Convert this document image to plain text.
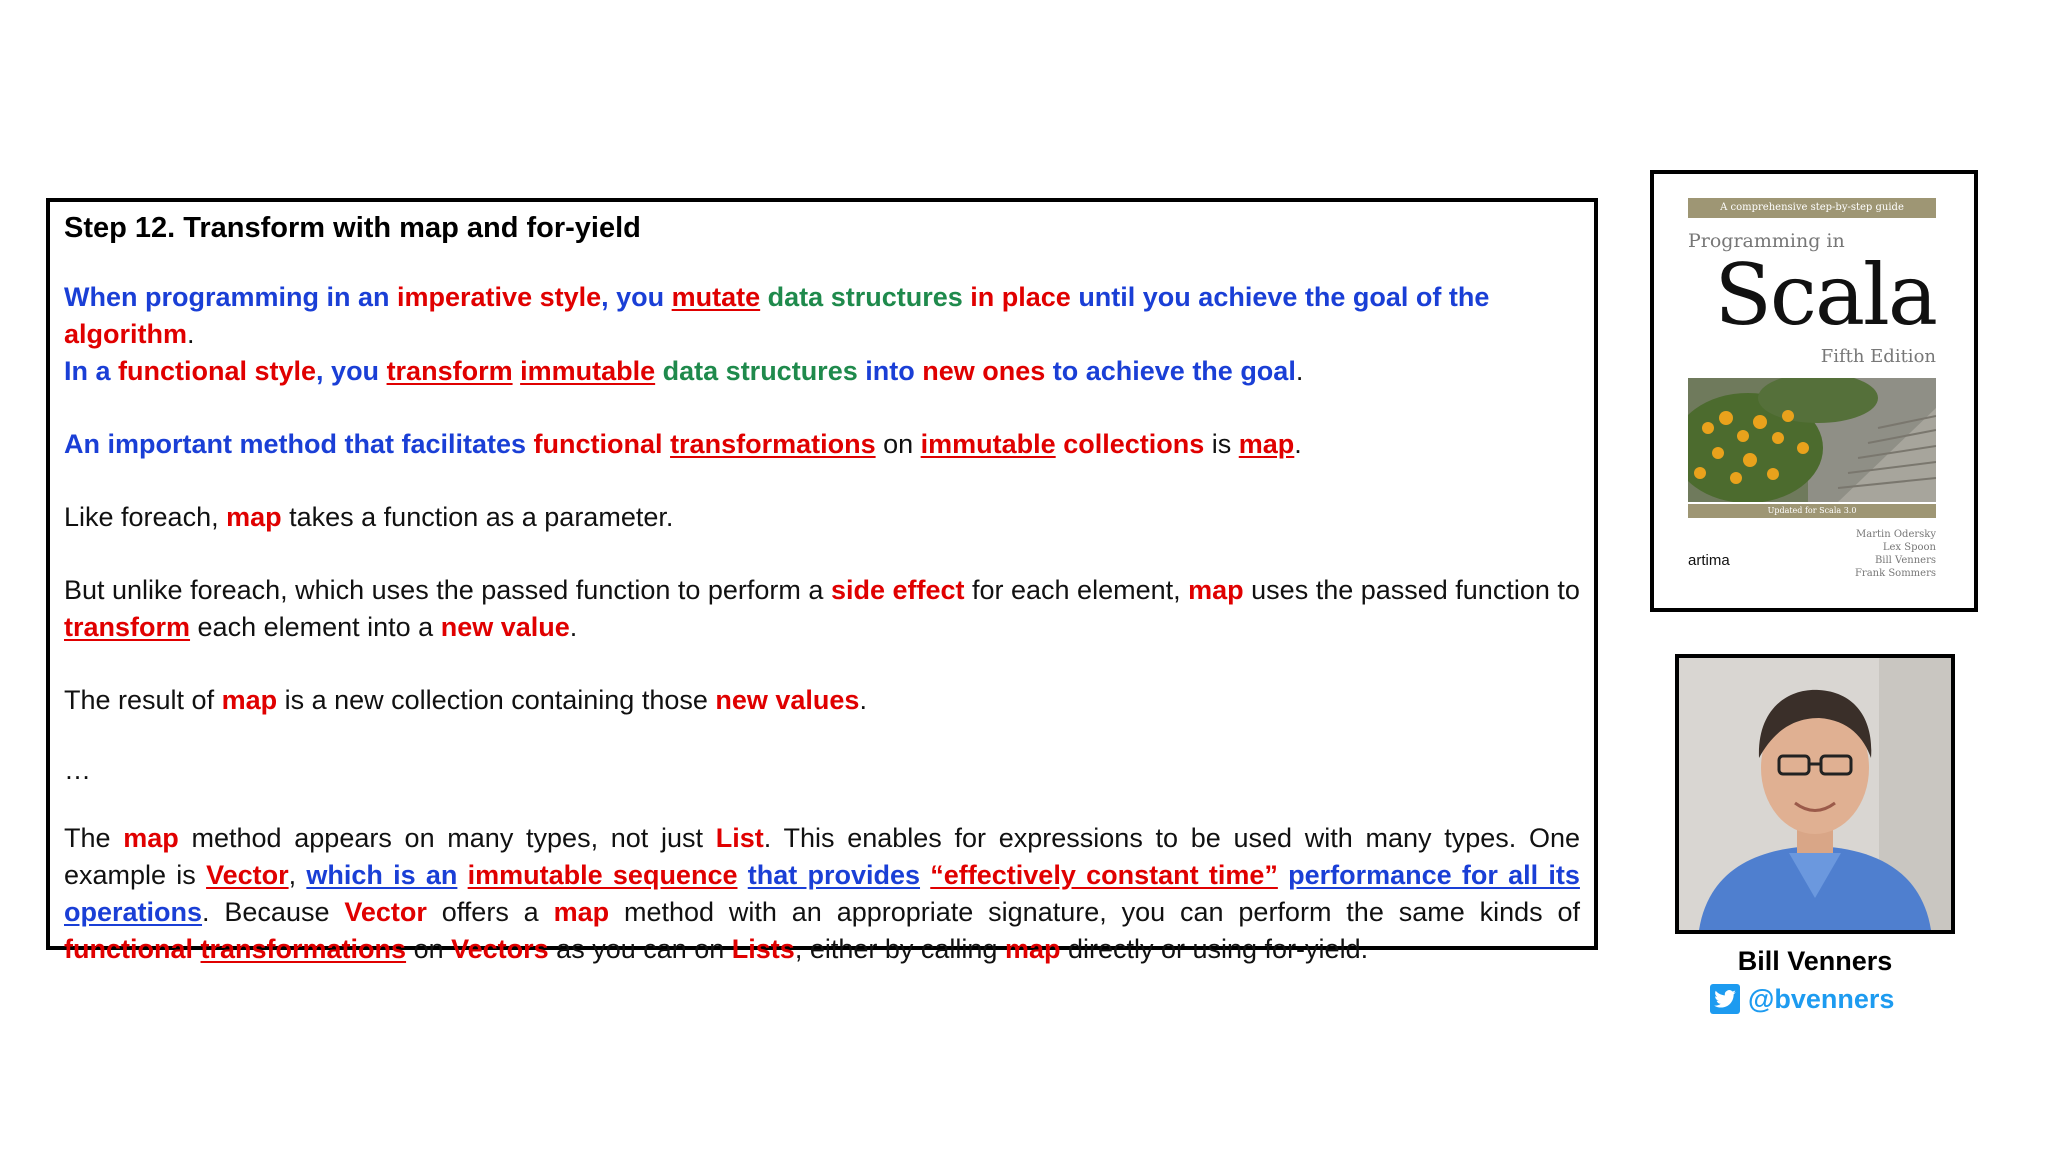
Step 12. Transform with map and for-yield
When programming in an imperative style, you mutate data structures in place until you achieve the goal of the algorithm.
In a functional style, you transform immutable data structures into new ones to achieve the goal.
An important method that facilitates functional transformations on immutable collections is map.
Like foreach, map takes a function as a parameter.
But unlike foreach, which uses the passed function to perform a side effect for each element, map uses the passed function to transform each element into a new value.
The result of map is a new collection containing those new values.
…
The map method appears on many types, not just List. This enables for expressions to be used with many types. One example is Vector, which is an immutable sequence that provides “effectively constant time” performance for all its operations. Because Vector offers a map method with an appropriate signature, you can perform the same kinds of functional transformations on Vectors as you can on Lists, either by calling map directly or using for-yield.
A comprehensive step-by-step guide
Programming in
Scala
Fifth Edition
Updated for Scala 3.0
artima
Martin Odersky
Lex Spoon
Bill Venners
Frank Sommers
Bill Venners
@bvenners
